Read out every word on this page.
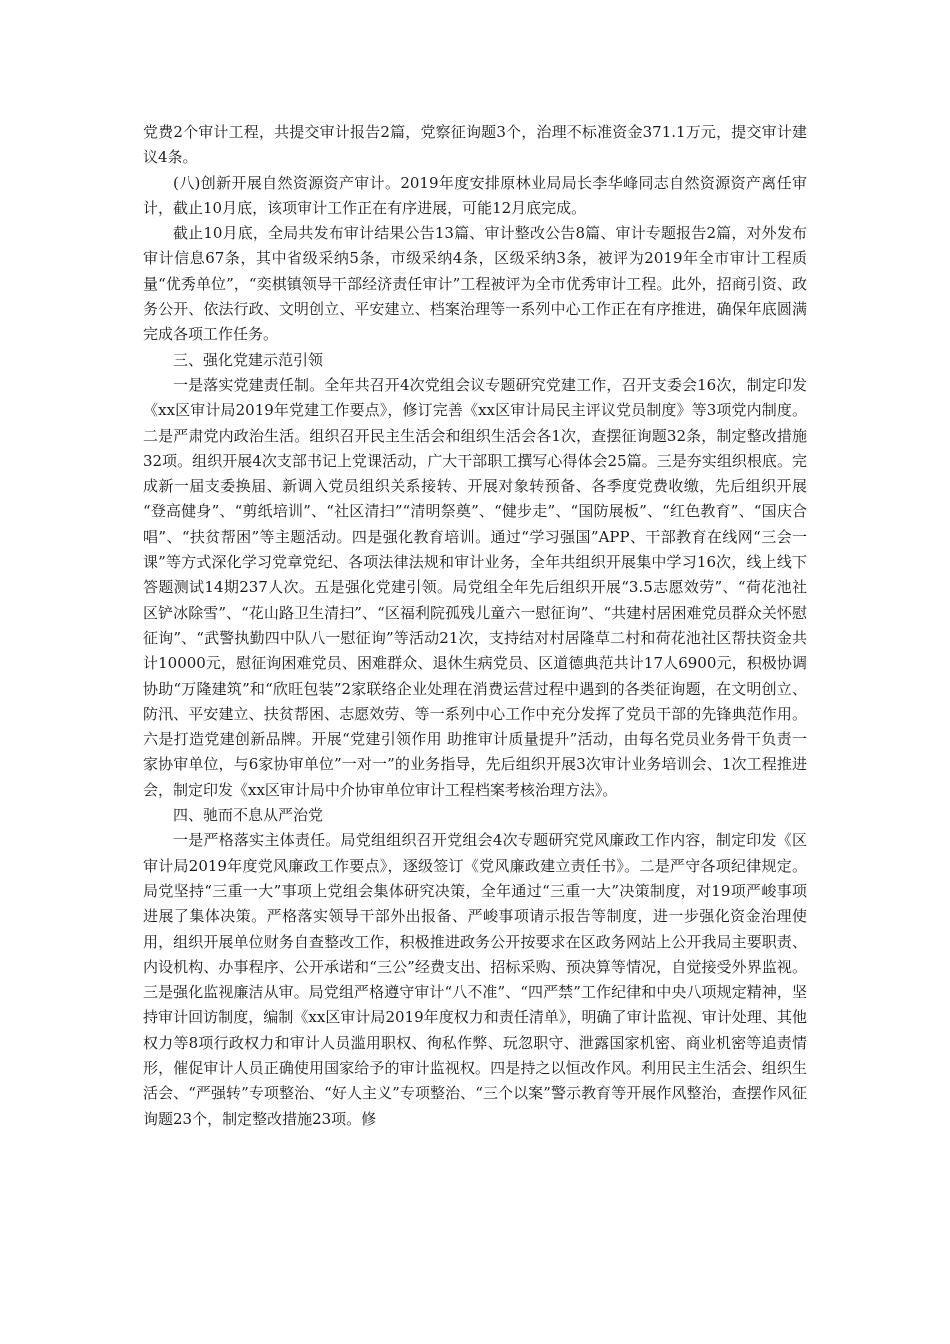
党费2个审计工程，共提交审计报告2篇，党察征询题3个，治理不标准资金371.1万元，提交审计建议4条。

(八)创新开展自然资源资产审计。2019年度安排原林业局局长李华峰同志自然资源资产离任审计，截止10月底，该项审计工作正在有序进展，可能12月底完成。

截止10月底，全局共发布审计结果公告13篇、审计整改公告8篇、审计专题报告2篇，对外发布审计信息67条，其中省级采纳5条，市级采纳4条，区级采纳3条，被评为2019年全市审计工程质量“优秀单位”，“奕棋镇领导干部经济责任审计”工程被评为全市优秀审计工程。此外，招商引资、政务公开、依法行政、文明创立、平安建立、档案治理等一系列中心工作正在有序推进，确保年底圆满完成各项工作任务。

三、强化党建示范引领

一是落实党建责任制。全年共召开4次党组会议专题研究党建工作，召开支委会16次，制定印发《xx区审计局2019年党建工作要点》，修订完善《xx区审计局民主评议党员制度》等3项党内制度。二是严肃党内政治生活。组织召开民主生活会和组织生活会各1次，查摆征询题32条，制定整改措施32项。组织开展4次支部书记上党课活动，广大干部职工撰写心得体会25篇。三是夯实组织根底。完成新一届支委换届、新调入党员组织关系接转、开展对象转预备、各季度党费收缴，先后组织开展 “登高健身”、“剪纸培训”、“社区清扫”“清明祭奠”、“健步走”、“国防展板”、“红色教育”、“国庆合唱”、“扶贫帮困”等主题活动。四是强化教育培训。通过“学习强国”APP、干部教育在线网“三会一课”等方式深化学习党章党纪、各项法律法规和审计业务，全年共组织开展集中学习16次，线上线下答题测试14期237人次。五是强化党建引领。局党组全年先后组织开展“3.5志愿效劳”、“荷花池社区铲冰除雪”、“花山路卫生清扫”、“区福利院孤残儿童六一慰征询”、“共建村居困难党员群众关怀慰征询”、“武警执勤四中队八一慰征询”等活动21次，支持结对村居隆草二村和荷花池社区帮扶资金共计10000元，慰征询困难党员、困难群众、退休生病党员、区道德典范共计17人6900元，积极协调协助“万隆建筑”和“欣旺包装”2家联络企业处理在消费运营过程中遇到的各类征询题，在文明创立、防汛、平安建立、扶贫帮困、志愿效劳、等一系列中心工作中充分发挥了党员干部的先锋典范作用。六是打造党建创新品牌。开展“党建引领作用 助推审计质量提升”活动，由每名党员业务骨干负责一家协审单位，与6家协审单位”一对一”的业务指导，先后组织开展3次审计业务培训会、1次工程推进会，制定印发《xx区审计局中介协审单位审计工程档案考核治理方法》。

四、驰而不息从严治党

一是严格落实主体责任。局党组组织召开党组会4次专题研究党风廉政工作内容，制定印发《区审计局2019年度党风廉政工作要点》，逐级签订《党风廉政建立责任书》。二是严守各项纪律规定。局党坚持“三重一大”事项上党组会集体研究决策，全年通过“三重一大”决策制度，对19项严峻事项进展了集体决策。严格落实领导干部外出报备、严峻事项请示报告等制度，进一步强化资金治理使用，组织开展单位财务自查整改工作，积极推进政务公开按要求在区政务网站上公开我局主要职责、内设机构、办事程序、公开承诺和“三公”经费支出、招标采购、预决算等情况，自觉接受外界监视。三是强化监视廉洁从审。局党组严格遵守审计“八不准”、“四严禁”工作纪律和中央八项规定精神，坚持审计回访制度，编制《xx区审计局2019年度权力和责任清单》，明确了审计监视、审计处理、其他权力等8项行政权力和审计人员滥用职权、徇私作弊、玩忽职守、泄露国家机密、商业机密等追责情形，催促审计人员正确使用国家给予的审计监视权。四是持之以恒改作风。利用民主生活会、组织生活会、“严强转”专项整治、“好人主义”专项整治、“三个以案”警示教育等开展作风整治，查摆作风征询题23个，制定整改措施23项。修
